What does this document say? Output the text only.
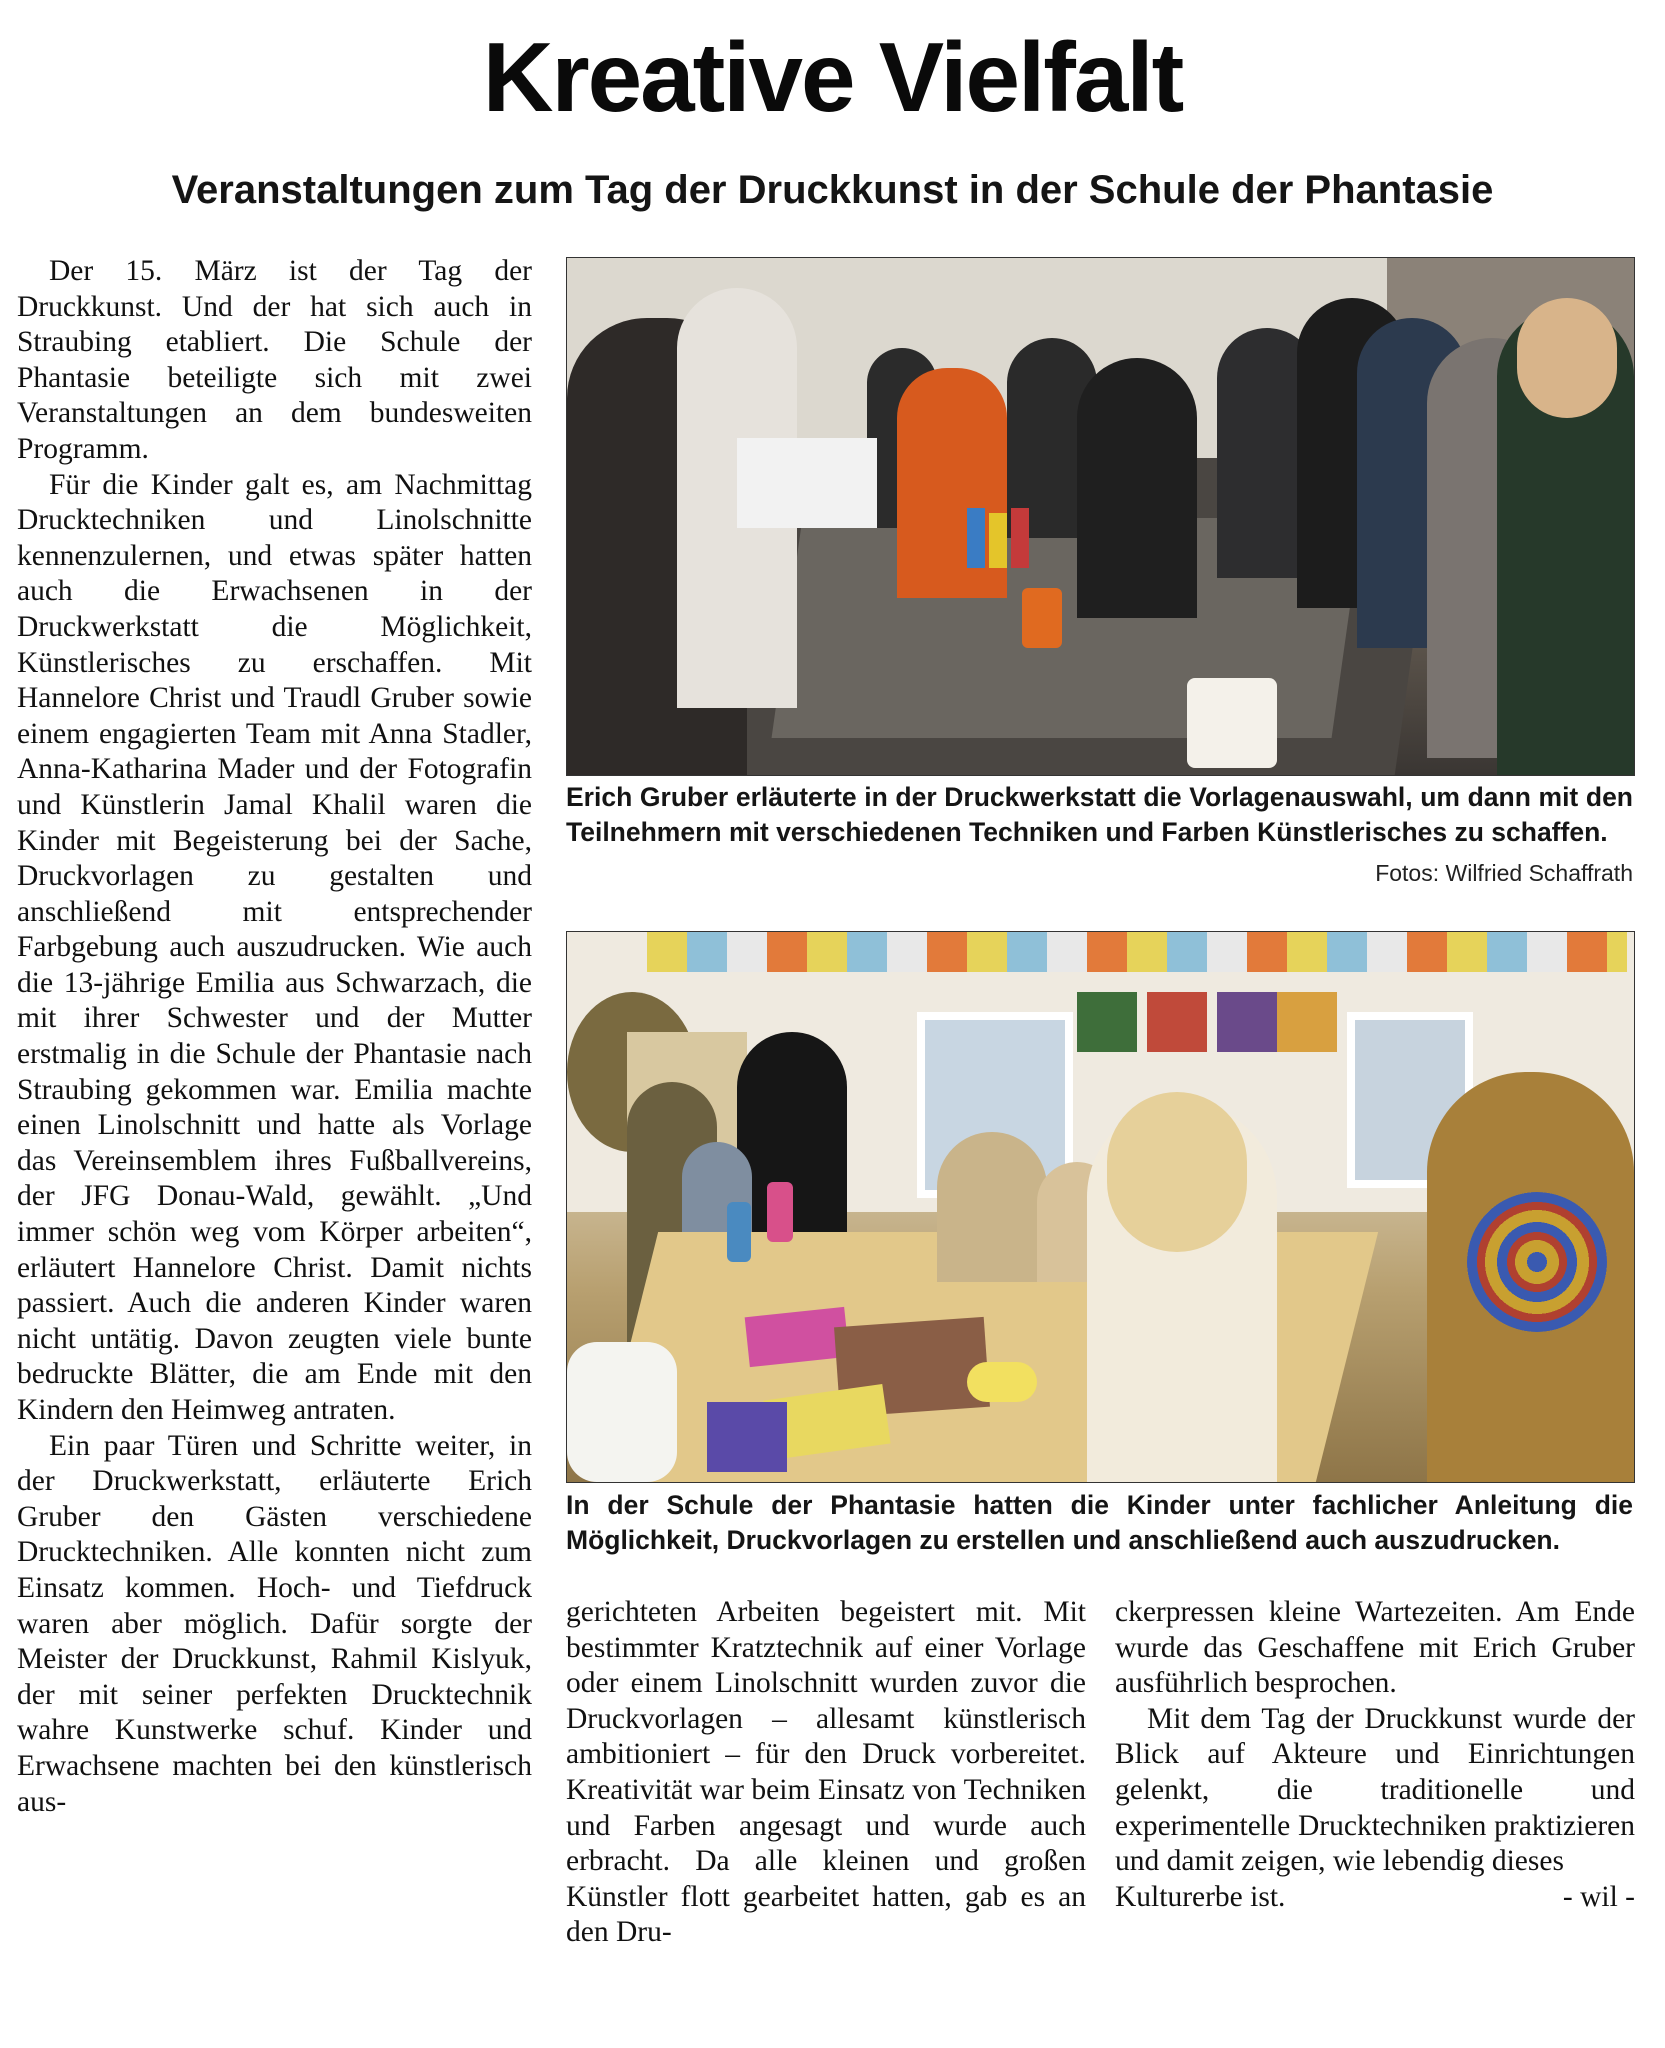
Kreative Vielfalt
Veranstaltungen zum Tag der Druckkunst in der Schule der Phantasie

Der 15. März ist der Tag der Druckkunst. Und der hat sich auch in Straubing etabliert. Die Schule der Phantasie beteiligte sich mit zwei Veranstaltungen an dem bundesweiten Programm.

Für die Kinder galt es, am Nachmittag Drucktechniken und Linolschnitte kennenzulernen, und etwas später hatten auch die Erwachsenen in der Druckwerkstatt die Möglichkeit, Künstlerisches zu erschaffen. Mit Hannelore Christ und Traudl Gruber sowie einem engagierten Team mit Anna Stadler, Anna-Katharina Mader und der Fotografin und Künstlerin Jamal Khalil waren die Kinder mit Begeisterung bei der Sache, Druckvorlagen zu gestalten und anschließend mit entsprechender Farbgebung auch auszudrucken. Wie auch die 13-jährige Emilia aus Schwarzach, die mit ihrer Schwester und der Mutter erstmalig in die Schule der Phantasie nach Straubing gekommen war. Emilia machte einen Linolschnitt und hatte als Vorlage das Vereinsemblem ihres Fußballvereins, der JFG Donau-Wald, gewählt. „Und immer schön weg vom Körper arbeiten“, erläutert Hannelore Christ. Damit nichts passiert. Auch die anderen Kinder waren nicht untätig. Davon zeugten viele bunte bedruckte Blätter, die am Ende mit den Kindern den Heimweg antraten.

Ein paar Türen und Schritte weiter, in der Druckwerkstatt, erläuterte Erich Gruber den Gästen verschiedene Drucktechniken. Alle konnten nicht zum Einsatz kommen. Hoch- und Tiefdruck waren aber möglich. Dafür sorgte der Meister der Druckkunst, Rahmil Kislyuk, der mit seiner perfekten Drucktechnik wahre Kunstwerke schuf. Kinder und Erwachsene machten bei den künstlerisch aus-

Erich Gruber erläuterte in der Druckwerkstatt die Vorlagenauswahl, um dann mit den Teilnehmern mit verschiedenen Techniken und Farben Künstlerisches zu schaffen.
Fotos: Wilfried Schaffrath
In der Schule der Phantasie hatten die Kinder unter fachlicher Anleitung die Möglichkeit, Druckvorlagen zu erstellen und anschließend auch auszudrucken.

gerichteten Arbeiten begeistert mit. Mit bestimmter Kratztechnik auf einer Vorlage oder einem Linolschnitt wurden zuvor die Druckvorlagen – allesamt künstlerisch ambitioniert – für den Druck vorbereitet. Kreativität war beim Einsatz von Techniken und Farben angesagt und wurde auch erbracht. Da alle kleinen und großen Künstler flott gearbeitet hatten, gab es an den Dru-

ckerpressen kleine Wartezeiten. Am Ende wurde das Geschaffene mit Erich Gruber ausführlich besprochen.

Mit dem Tag der Druckkunst wurde der Blick auf Akteure und Einrichtungen gelenkt, die traditionelle und experimentelle Drucktechniken praktizieren und damit zeigen, wie lebendig dieses

Kulturerbe ist.	- wil -
